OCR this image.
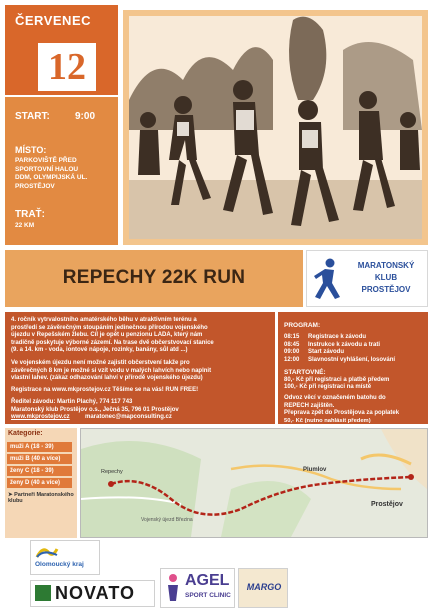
ČERVENEC
12
START:	9:00
MÍSTO:
PARKOVIŠTĚ PŘED
SPORTOVNÍ HALOU
DDM, OLYMPIJSKÁ UL.
PROSTĚJOV
TRAŤ:
22 KM
REPECHY 22K RUN
MARATONSKÝ
KLUB
PROSTĚJOV
4. ročník vytrvalostního amatérského běhu v atraktivním terénu a
prostředí se závěrečným stoupáním jedinečnou přírodou vojenského
újezdu v Repešském žlebu. Cíl je opět u penzionu LADA, který nám
tradičně poskytuje výborné zázemí. Na trase dvě občerstvovací stanice
(9. a 14. km - voda, iontové nápoje, rozinky, banány, sůl atd ...)
Ve vojenském újezdu není možné zajistit občerstvení takže pro
závěrečných 8 km je možné si vzít vodu v malých lahvích nebo naplnit
vlastní lahev. (zákaz odhazování lahví v přírodě vojenského újezdu)
Registrace na www.mkprostejov.cz Těšíme se na vás! RUN FREE!
Ředitel závodu: Martin Plachý, 774 117 743
Maratonský klub Prostějov o.s., Ječná 35, 796 01 Prostějov
www.mkprostejov.cz	maratonec@mapconsulting.cz
PROGRAM:
08:15 Registrace k závodu
08:45 Instrukce k závodu a trati
09:00 Start závodu
12:00 Slavnostní vyhlášení, losování
STARTOVNÉ:
80,- Kč při registraci a platbě předem
100,- Kč při registraci na místě
Odvoz věcí v označeném batohu do
REPECH zajištěn.
Přeprava zpět do Prostějova za poplatek
50,- Kč (nutno nahlásit předem)
Kategorie:
muži A (18 - 39)
muži B (40 a více)
ženy C (18 - 39)
ženy D (40 a více)
➤ Partneři Maratonského klubu
Plumlov
Prostějov
Repechy
Vojenský újezd Březina
Olomoucký kraj
NOVATO
AGEL
SPORT CLINIC
MARGO
